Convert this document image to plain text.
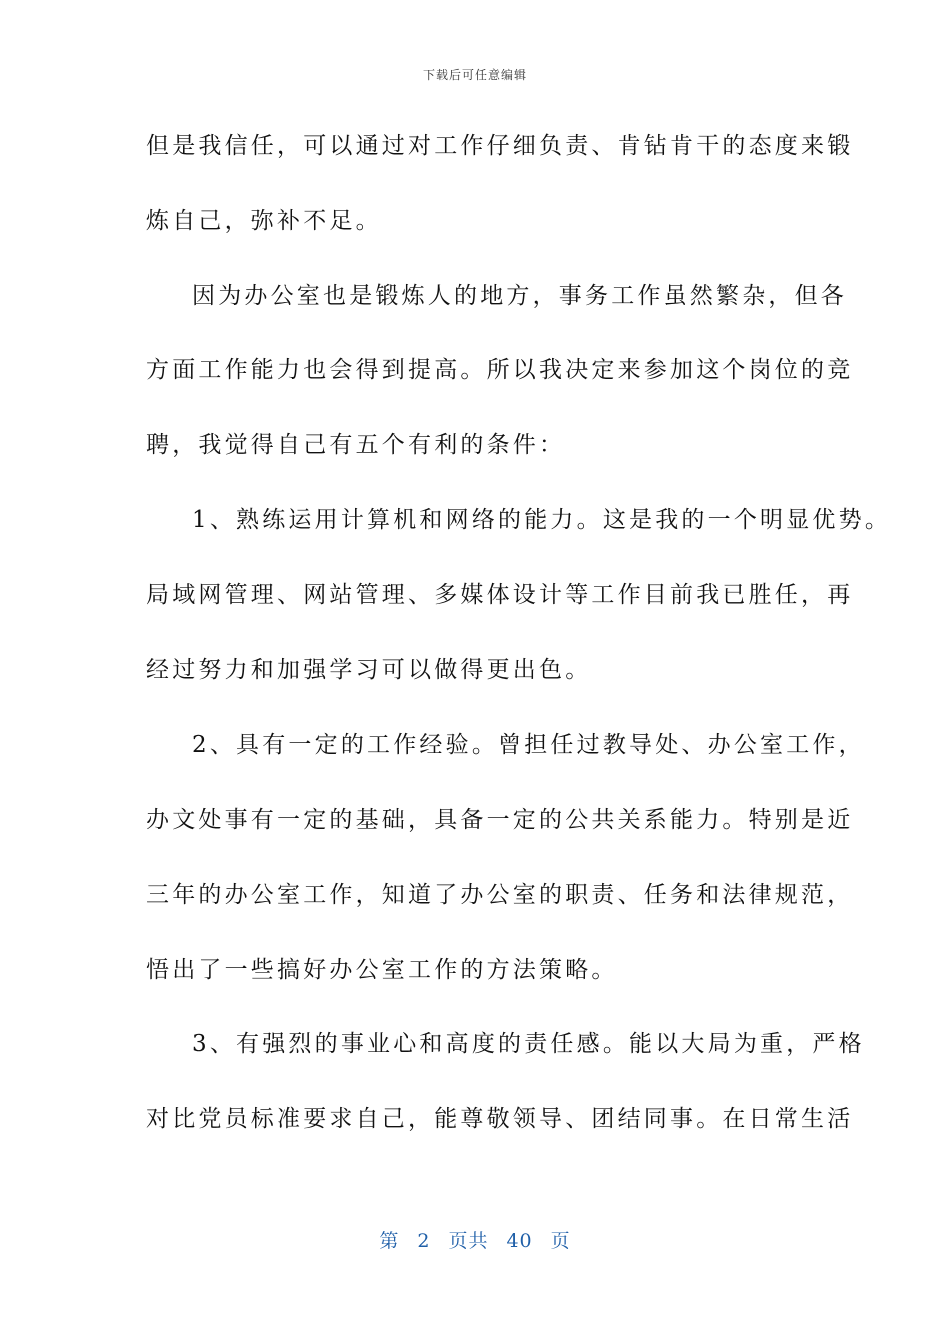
下载后可任意编辑
但是我信任，可以通过对工作仔细负责、肯钻肯干的态度来锻
炼自己，弥补不足。
因为办公室也是锻炼人的地方，事务工作虽然繁杂，但各
方面工作能力也会得到提高。所以我决定来参加这个岗位的竞
聘，我觉得自己有五个有利的条件：
1、熟练运用计算机和网络的能力。这是我的一个明显优势。
局域网管理、网站管理、多媒体设计等工作目前我已胜任，再
经过努力和加强学习可以做得更出色。
2、具有一定的工作经验。曾担任过教导处、办公室工作，
办文处事有一定的基础，具备一定的公共关系能力。特别是近
三年的办公室工作，知道了办公室的职责、任务和法律规范，
悟出了一些搞好办公室工作的方法策略。
3、有强烈的事业心和高度的责任感。能以大局为重，严格
对比党员标准要求自己，能尊敬领导、团结同事。在日常生活
第 2 页共 40 页
